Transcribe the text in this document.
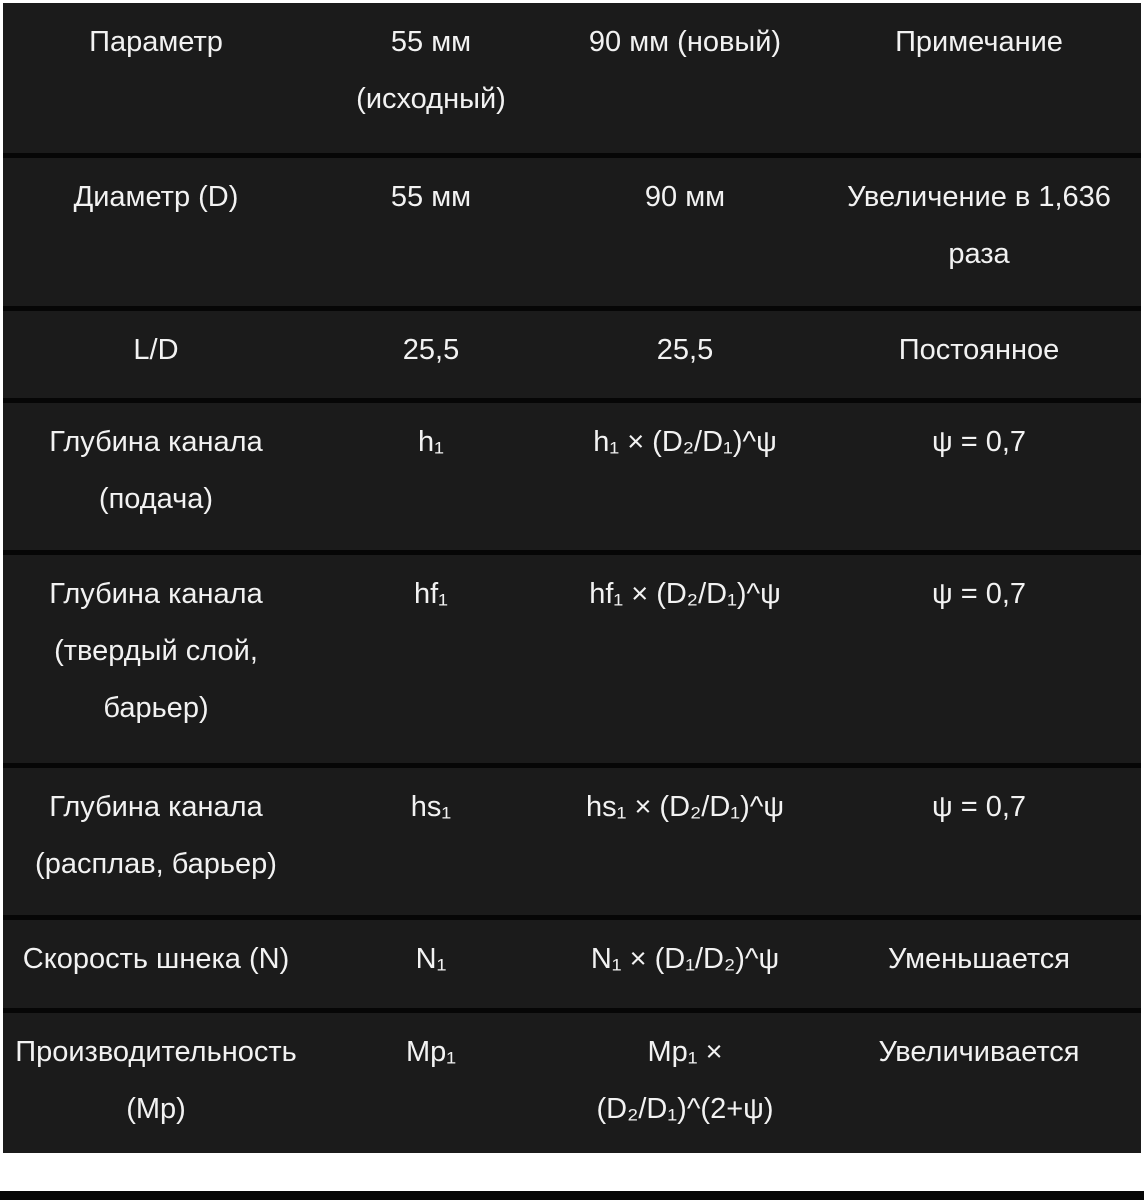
Параметр	55 мм (исходный)	90 мм (новый)	Примечание
Диаметр (D)	55 мм	90 мм	Увеличение в 1,636 раза
L/D	25,5	25,5	Постоянное
Глубина канала (подача)	h₁	h₁ × (D₂/D₁)^ψ	ψ = 0,7
Глубина канала (твердый слой, барьер)	hf₁	hf₁ × (D₂/D₁)^ψ	ψ = 0,7
Глубина канала (расплав, барьер)	hs₁	hs₁ × (D₂/D₁)^ψ	ψ = 0,7
Скорость шнека (N)	N₁	N₁ × (D₁/D₂)^ψ	Уменьшается
Производительность (Mp)	Mp₁	Mp₁ × (D₂/D₁)^(2+ψ)	Увеличивается
